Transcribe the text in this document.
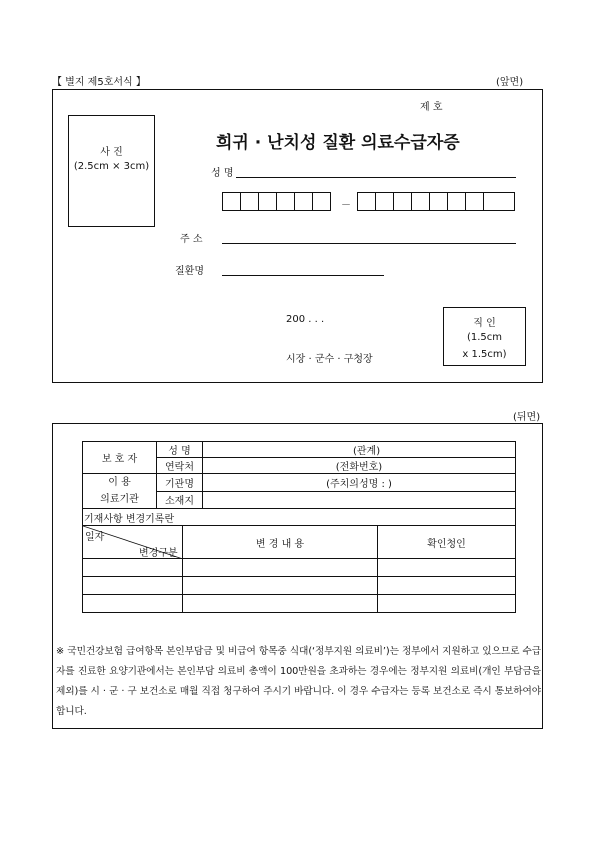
【 별지 제5호서식 】	(앞면)
제 호
사 진
(2.5cm × 3cm)
희귀 · 난치성 질환 의료수급자증
성 명
－
주 소
질환명
200 . . .
시장 · 군수 · 구청장
직 인
(1.5cm
x 1.5cm)
(뒤면)
보 호 자	성 명	(관계)
	연락처	(전화번호)

이 용
의료기관	기관명	(주치의성명 : )
	소재지	
기재사항 변경기록란		

일자
변경구분	변 경 내 용	확인청인

※ 국민건강보험 급여항목 본인부담금 및 비급여 항목중 식대(‘정부지원 의료비’)는 정부에서 지원하고 있으므로 수급자를 진료한 요양기관에서는 본인부담 의료비 총액이 100만원을 초과하는 경우에는 정부지원 의료비(개인 부담금을 제외)를 시 · 군 · 구 보건소로 매월 직접 청구하여 주시기 바랍니다. 이 경우 수급자는 등록 보건소로 즉시 통보하여야 합니다.
